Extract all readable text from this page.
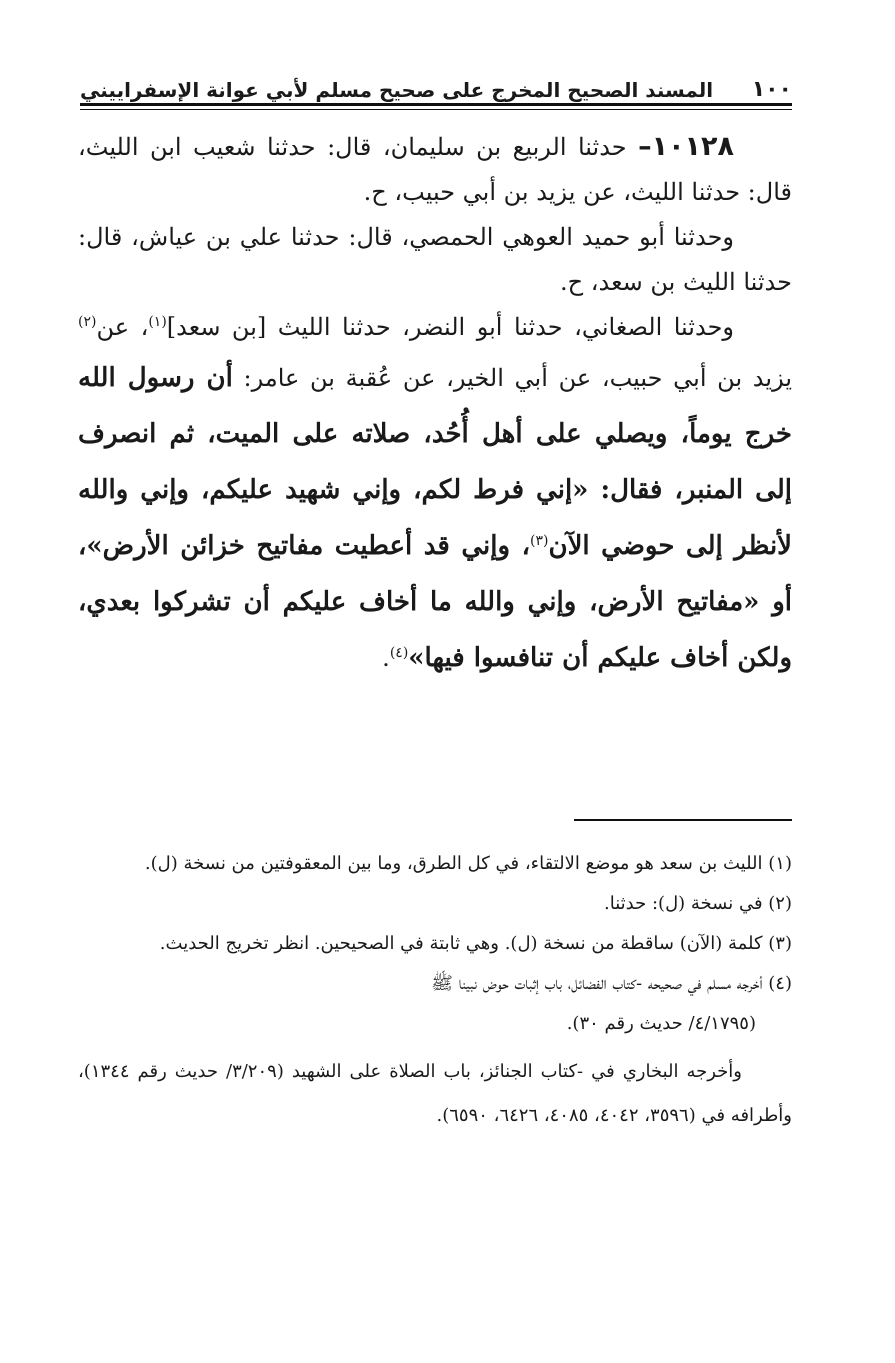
١٠٠
المسند الصحيح المخرج على صحيح مسلم لأبي عوانة الإسفراييني

١٠١٢٨– حدثنا الربيع بن سليمان، قال: حدثنا شعيب ابن الليث، قال: حدثنا الليث، عن يزيد بن أبي حبيب، ح.

وحدثنا أبو حميد العوهي الحمصي، قال: حدثنا علي بن عياش، قال: حدثنا الليث بن سعد، ح.

وحدثنا الصغاني، حدثنا أبو النضر، حدثنا الليث [بن سعد]$^{(١)}$، عن$^{(٢)}$ يزيد بن أبي حبيب، عن أبي الخير، عن عُقبة بن عامر: أن رسول الله خرج يوماً، ويصلي على أهل أُحُد، صلاته على الميت، ثم انصرف إلى المنبر، فقال: «إني فرط لكم، وإني شهيد عليكم، وإني والله لأنظر إلى حوضي الآن$^{(٣)}$، وإني قد أعطيت مفاتيح خزائن الأرض»، أو «مفاتيح الأرض، وإني والله ما أخاف عليكم أن تشركوا بعدي، ولكن أخاف عليكم أن تنافسوا فيها»$^{(٤)}$.

(١) الليث بن سعد هو موضع الالتقاء، في كل الطرق، وما بين المعقوفتين من نسخة (ل).

(٢) في نسخة (ل): حدثنا.

(٣) كلمة (الآن) ساقطة من نسخة (ل). وهي ثابتة في الصحيحين. انظر تخريج الحديث.

(٤) أخرجه مسلم في صحيحه -كتاب الفضائل، باب إثبات حوض نبينا ﷺ

(٤/١٧٩٥/ حديث رقم ٣٠).

وأخرجه البخاري في -كتاب الجنائز، باب الصلاة على الشهيد (٣/٢٠٩/ حديث رقم ١٣٤٤)، وأطرافه في (٣٥٩٦، ٤٠٤٢، ٤٠٨٥، ٦٤٢٦، ٦٥٩٠).
